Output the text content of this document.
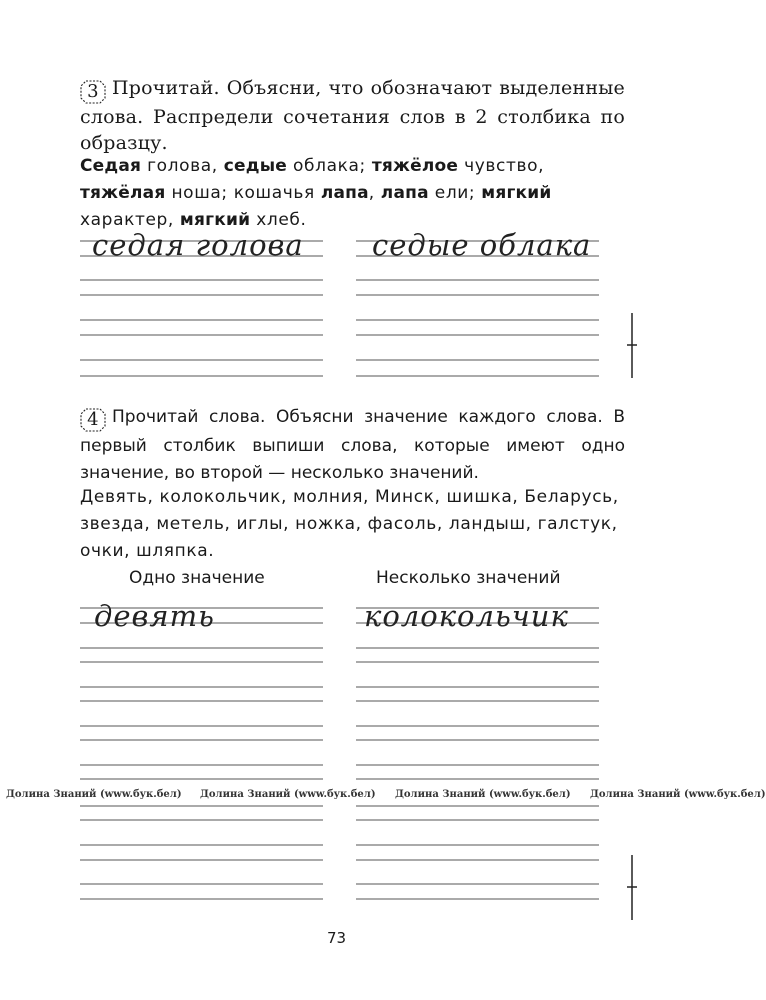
3 Прочитай. Объясни, что обозначают выделенные слова. Распредели сочетания слов в 2 столбика по образцу.
Седая голова, седые облака; тяжёлое чувство, тяжёлая ноша; кошачья лапа, лапа ели; мягкий характер, мягкий хлеб.
седая голова седые облака
4 Прочитай слова. Объясни значение каждого слова. В первый столбик выпиши слова, которые имеют одно значение, во второй — несколько значений.
Девять, колокольчик, молния, Минск, шишка, Беларусь, звезда, метель, иглы, ножка, фасоль, ландыш, галстук, очки, шляпка.
Одно значение	Несколько значений
девять	колокольчик
Долина Знаний (www.бук.бел) Долина Знаний (www.бук.бел) Долина Знаний (www.бук.бел) Долина Знаний (www.бук.бел)
73
